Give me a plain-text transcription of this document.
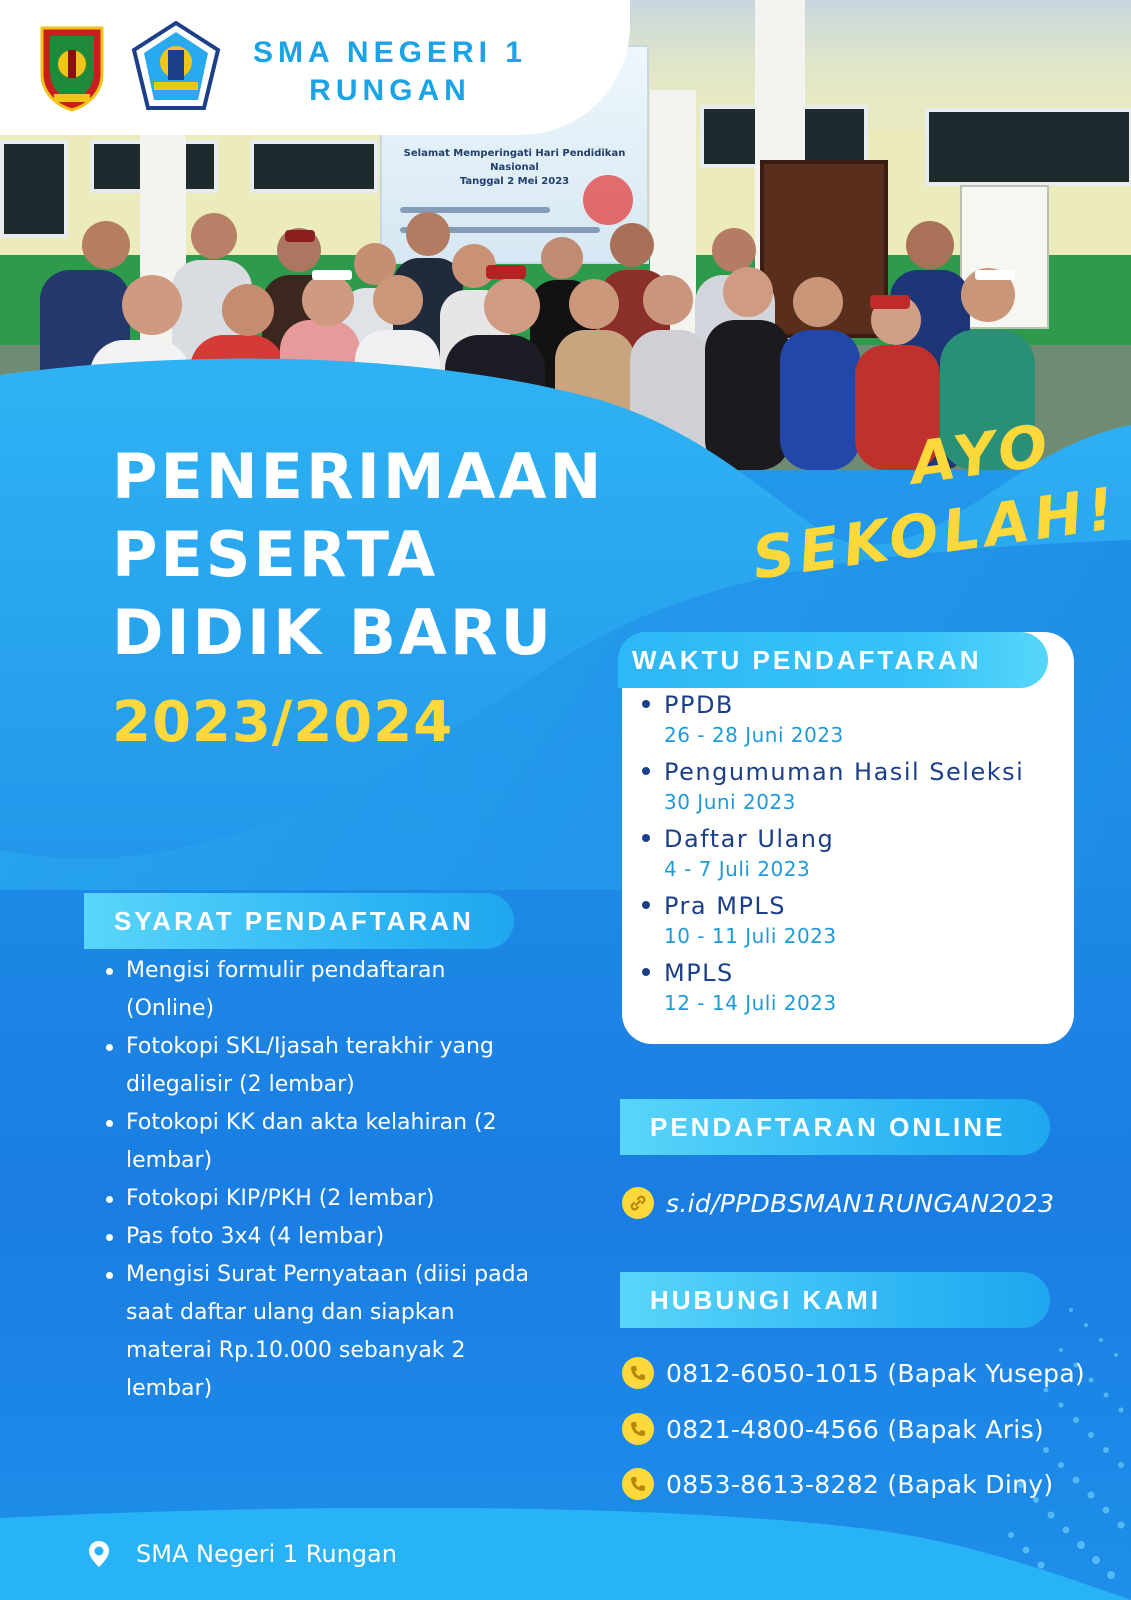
Selamat Memperingati Hari Pendidikan Nasional
Tanggal 2 Mei 2023
SMA NEGERI 1
RUNGAN
PENERIMAAN
PESERTA
DIDIK BARU
2023/2024
AYO
SEKOLAH!
WAKTU PENDAFTARAN
PPDB
26 - 28 Juni 2023
Pengumuman Hasil Seleksi
30 Juni 2023
Daftar Ulang
4 - 7 Juli 2023
Pra MPLS
10 - 11 Juli 2023
MPLS
12 - 14 Juli 2023
SYARAT PENDAFTARAN
Mengisi formulir pendaftaran (Online)
Fotokopi SKL/Ijasah terakhir yang dilegalisir (2 lembar)
Fotokopi KK dan akta kelahiran (2 lembar)
Fotokopi KIP/PKH (2 lembar)
Pas foto 3x4 (4 lembar)
Mengisi Surat Pernyataan (diisi pada saat daftar ulang dan siapkan materai Rp.10.000 sebanyak 2 lembar)
PENDAFTARAN ONLINE
s.id/PPDBSMAN1RUNGAN2023
HUBUNGI KAMI
0812-6050-1015 (Bapak Yusepa)
0821-4800-4566 (Bapak Aris)
0853-8613-8282 (Bapak Diny)
SMA Negeri 1 Rungan
